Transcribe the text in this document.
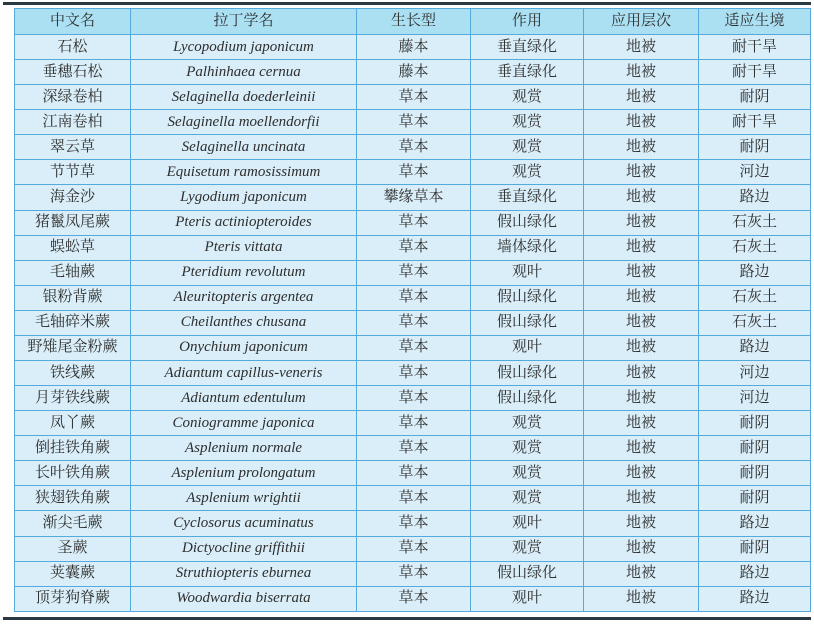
中文名	拉丁学名	生长型	作用	应用层次	适应生境
石松	Lycopodium japonicum	藤本	垂直绿化	地被	耐干旱
垂穗石松	Palhinhaea cernua	藤本	垂直绿化	地被	耐干旱
深绿卷柏	Selaginella doederleinii	草本	观赏	地被	耐阴
江南卷柏	Selaginella moellendorfii	草本	观赏	地被	耐干旱
翠云草	Selaginella uncinata	草本	观赏	地被	耐阴
节节草	Equisetum ramosissimum	草本	观赏	地被	河边
海金沙	Lygodium japonicum	攀缘草本	垂直绿化	地被	路边
猪鬣凤尾蕨	Pteris actiniopteroides	草本	假山绿化	地被	石灰土
蜈蚣草	Pteris vittata	草本	墙体绿化	地被	石灰土
毛轴蕨	Pteridium revolutum	草本	观叶	地被	路边
银粉背蕨	Aleuritopteris argentea	草本	假山绿化	地被	石灰土
毛轴碎米蕨	Cheilanthes chusana	草本	假山绿化	地被	石灰土
野雉尾金粉蕨	Onychium japonicum	草本	观叶	地被	路边
铁线蕨	Adiantum capillus-veneris	草本	假山绿化	地被	河边
月芽铁线蕨	Adiantum edentulum	草本	假山绿化	地被	河边
凤丫蕨	Coniogramme japonica	草本	观赏	地被	耐阴
倒挂铁角蕨	Asplenium normale	草本	观赏	地被	耐阴
长叶铁角蕨	Asplenium prolongatum	草本	观赏	地被	耐阴
狭翅铁角蕨	Asplenium wrightii	草本	观赏	地被	耐阴
渐尖毛蕨	Cyclosorus acuminatus	草本	观叶	地被	路边
圣蕨	Dictyocline griffithii	草本	观赏	地被	耐阴
荚囊蕨	Struthiopteris eburnea	草本	假山绿化	地被	路边
顶芽狗脊蕨	Woodwardia biserrata	草本	观叶	地被	路边
